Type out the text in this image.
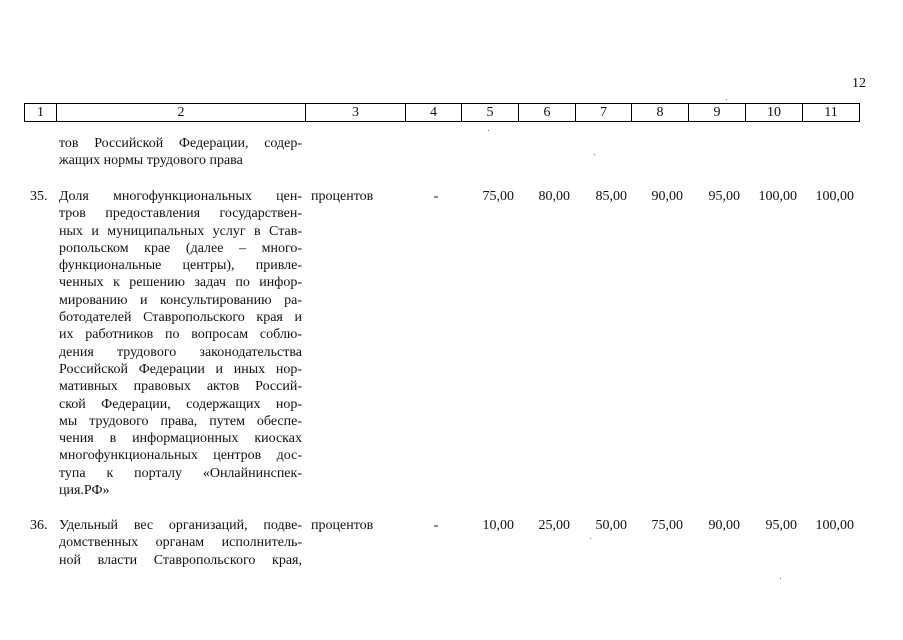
12
1	2	3	4	5	6	7	8	9	10	11
тов Российской Федерации, содер-
жащих нормы трудового права
35. Доля многофункциональных цен-
тров предоставления государствен-
ных и муниципальных услуг в Став-
ропольском крае (далее – много-
функциональные центры), привле-
ченных к решению задач по инфор-
мированию и консультированию ра-
ботодателей Ставропольского края и
их работников по вопросам соблю-
дения трудового законодательства
Российской Федерации и иных нор-
мативных правовых актов Россий-
ской Федерации, содержащих нор-
мы трудового права, путем обеспе-
чения в информационных киосках
многофункциональных центров дос-
тупа к порталу «Онлайнинспек-
ция.РФ»
процентов	-	75,00	80,00	85,00	90,00	95,00	100,00	100,00
36. Удельный вес организаций, подве-
домственных органам исполнитель-
ной власти Ставропольского края,
процентов	-	10,00	25,00	50,00	75,00	90,00	95,00	100,00
